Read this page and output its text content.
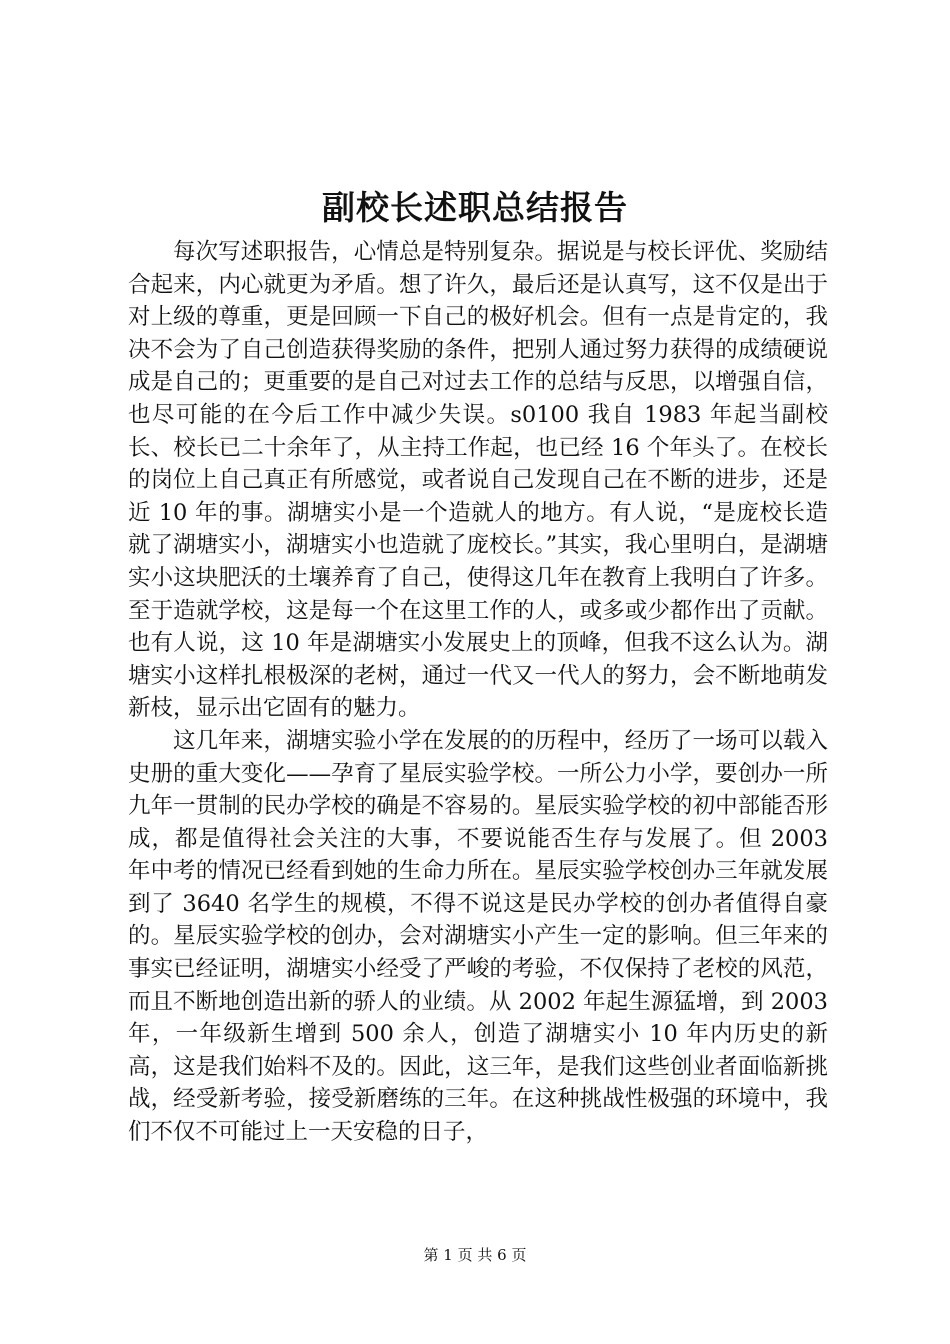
副校长述职总结报告

每次写述职报告，心情总是特别复杂。据说是与校长评优、奖励结合起来，内心就更为矛盾。想了许久，最后还是认真写，这不仅是出于对上级的尊重，更是回顾一下自己的极好机会。但有一点是肯定的，我决不会为了自己创造获得奖励的条件，把别人通过努力获得的成绩硬说成是自己的；更重要的是自己对过去工作的总结与反思，以增强自信，也尽可能的在今后工作中减少失误。s0100 我自 1983 年起当副校长、校长已二十余年了，从主持工作起，也已经 16 个年头了。在校长的岗位上自己真正有所感觉，或者说自己发现自己在不断的进步，还是近 10 年的事。湖塘实小是一个造就人的地方。有人说，“是庞校长造就了湖塘实小，湖塘实小也造就了庞校长。”其实，我心里明白，是湖塘实小这块肥沃的土壤养育了自己，使得这几年在教育上我明白了许多。至于造就学校，这是每一个在这里工作的人，或多或少都作出了贡献。也有人说，这 10 年是湖塘实小发展史上的顶峰，但我不这么认为。湖塘实小这样扎根极深的老树，通过一代又一代人的努力，会不断地萌发新枝，显示出它固有的魅力。

这几年来，湖塘实验小学在发展的的历程中，经历了一场可以载入史册的重大变化——孕育了星辰实验学校。一所公力小学，要创办一所九年一贯制的民办学校的确是不容易的。星辰实验学校的初中部能否形成，都是值得社会关注的大事，不要说能否生存与发展了。但 2003 年中考的情况已经看到她的生命力所在。星辰实验学校创办三年就发展到了 3640 名学生的规模，不得不说这是民办学校的创办者值得自豪的。星辰实验学校的创办，会对湖塘实小产生一定的影响。但三年来的事实已经证明，湖塘实小经受了严峻的考验，不仅保持了老校的风范，而且不断地创造出新的骄人的业绩。从 2002 年起生源猛增，到 2003 年，一年级新生增到 500 余人，创造了湖塘实小 10 年内历史的新高，这是我们始料不及的。因此，这三年，是我们这些创业者面临新挑战，经受新考验，接受新磨练的三年。在这种挑战性极强的环境中，我们不仅不可能过上一天安稳的日子，

第 1 页 共 6 页
